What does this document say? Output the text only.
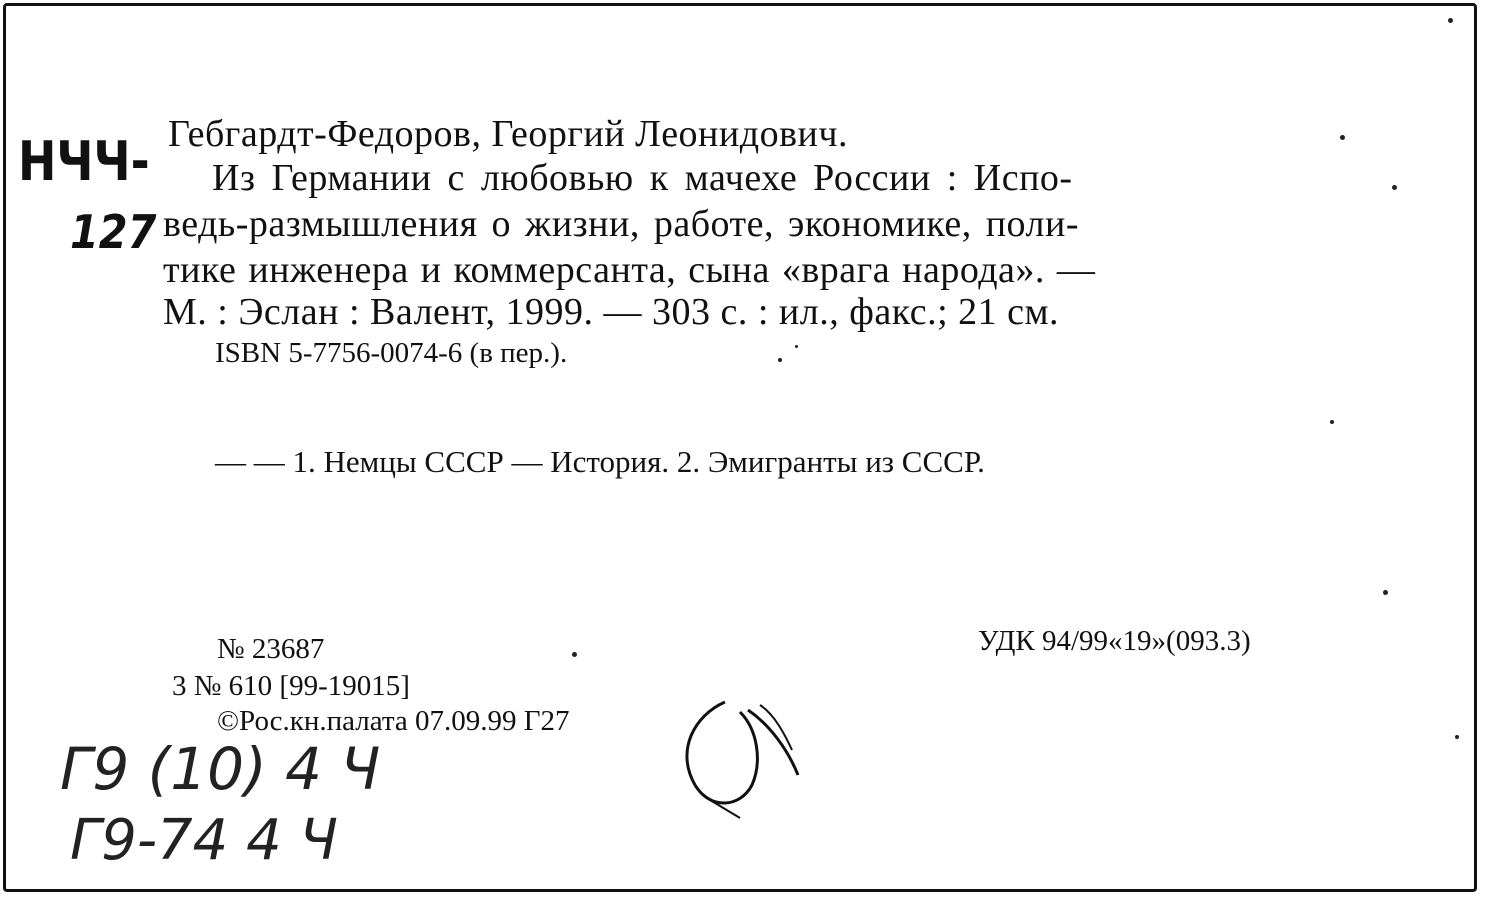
НЧЧ-
127
Гебгардт-Федоров, Георгий Леонидович.
Из Германии с любовью к мачехе России : Испо-
ведь-размышления о жизни, работе, экономике, поли-
тике инженера и коммерсанта, сына «врага народа». —
М. : Эслан : Валент, 1999. — 303 с. : ил., факс.; 21 см.
ISBN 5-7756-0074-6 (в пер.).
— — 1. Немцы СССР — История. 2. Эмигранты из СССР.
№ 23687	УДК 94/99«19»(093.3)
3 № 610 [99-19015]
©Рос.кн.палата 07.09.99 Г27
Г9 (10) 4 Ч
Г9-74 4 Ч
